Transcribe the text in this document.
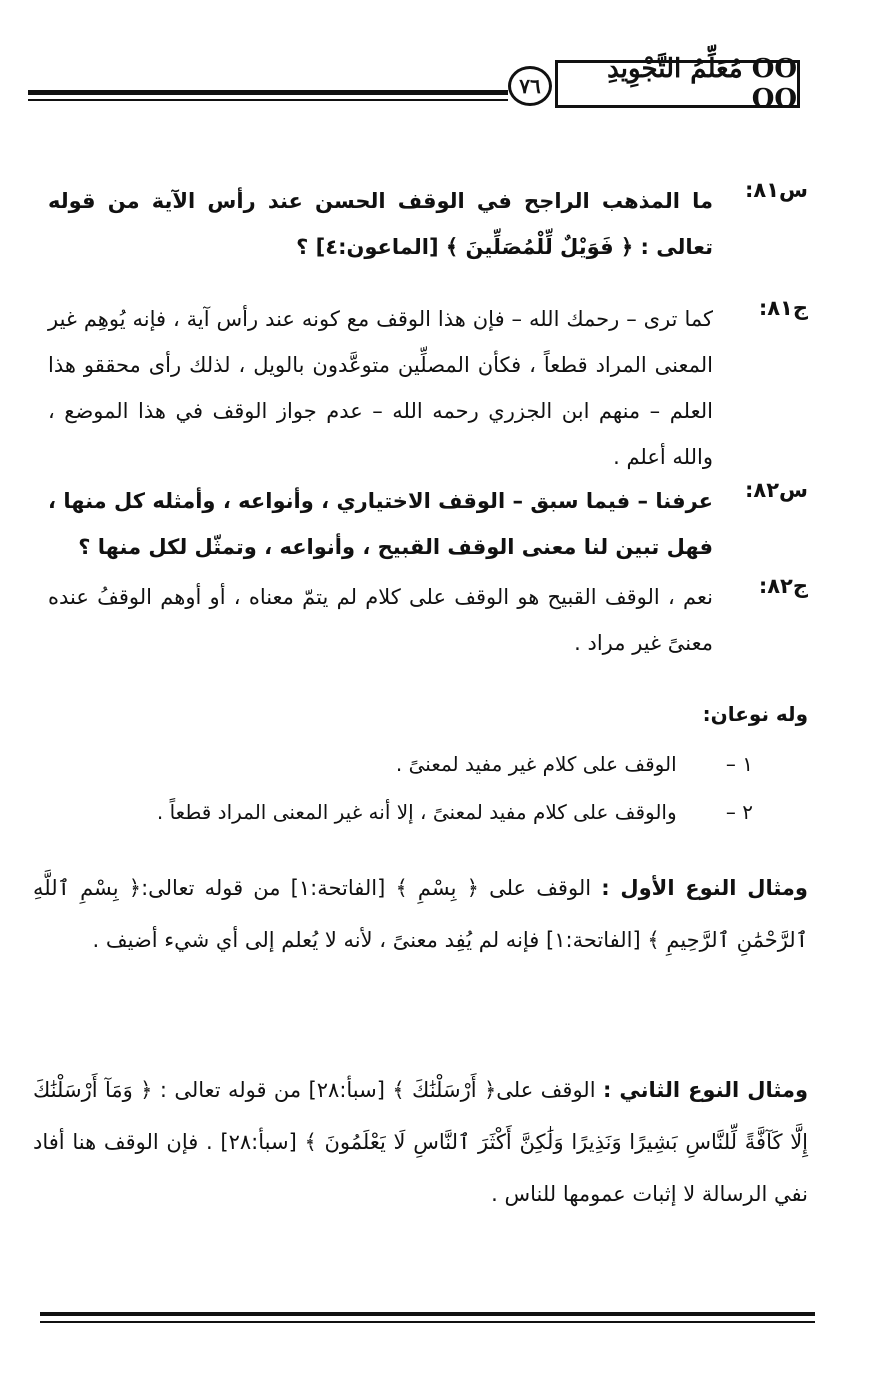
OO مُعَلِّمُ التَّجْوِيدِ OO
٧٦
س٨١:
ما المذهب الراجح في الوقف الحسن عند رأس الآية من قوله تعالى : ﴿ فَوَيْلٌ لِّلْمُصَلِّينَ ﴾ [الماعون:٤] ؟
ج٨١:
كما ترى – رحمك الله – فإن هذا الوقف مع كونه عند رأس آية ، فإنه يُوهِم غير المعنى المراد قطعاً ، فكأن المصلِّين متوعَّدون بالويل ، لذلك رأى محققو هذا العلم – منهم ابن الجزري رحمه الله – عدم جواز الوقف في هذا الموضع ، والله أعلم .
س٨٢:
عرفنا – فيما سبق – الوقف الاختياري ، وأنواعه ، وأمثله كل منها ، فهل تبين لنا معنى الوقف القبيح ، وأنواعه ، وتمثّل لكل منها ؟
ج٨٢:
نعم ، الوقف القبيح هو الوقف على كلام لم يتمّ معناه ، أو أوهم الوقفُ عنده معنىً غير مراد .
وله نوعان:
١ – الوقف على كلام غير مفيد لمعنىً .
٢ – والوقف على كلام مفيد لمعنىً ، إلا أنه غير المعنى المراد قطعاً .
ومثال النوع الأول : الوقف على ﴿ بِسْمِ ﴾ [الفاتحة:١] من قوله تعالى:﴿ بِسْمِ ٱللَّهِ ٱلرَّحْمَٰنِ ٱلرَّحِيمِ ﴾ [الفاتحة:١] فإنه لم يُفِد معنىً ، لأنه لا يُعلم إلى أي شيء أضيف .
ومثال النوع الثاني : الوقف على﴿ أَرْسَلْنَٰكَ ﴾ [سبأ:٢٨] من قوله تعالى : ﴿ وَمَآ أَرْسَلْنَٰكَ إِلَّا كَآفَّةً لِّلنَّاسِ بَشِيرًا وَنَذِيرًا وَلَٰكِنَّ أَكْثَرَ ٱلنَّاسِ لَا يَعْلَمُونَ ﴾ [سبأ:٢٨] . فإن الوقف هنا أفاد نفي الرسالة لا إثبات عمومها للناس .
